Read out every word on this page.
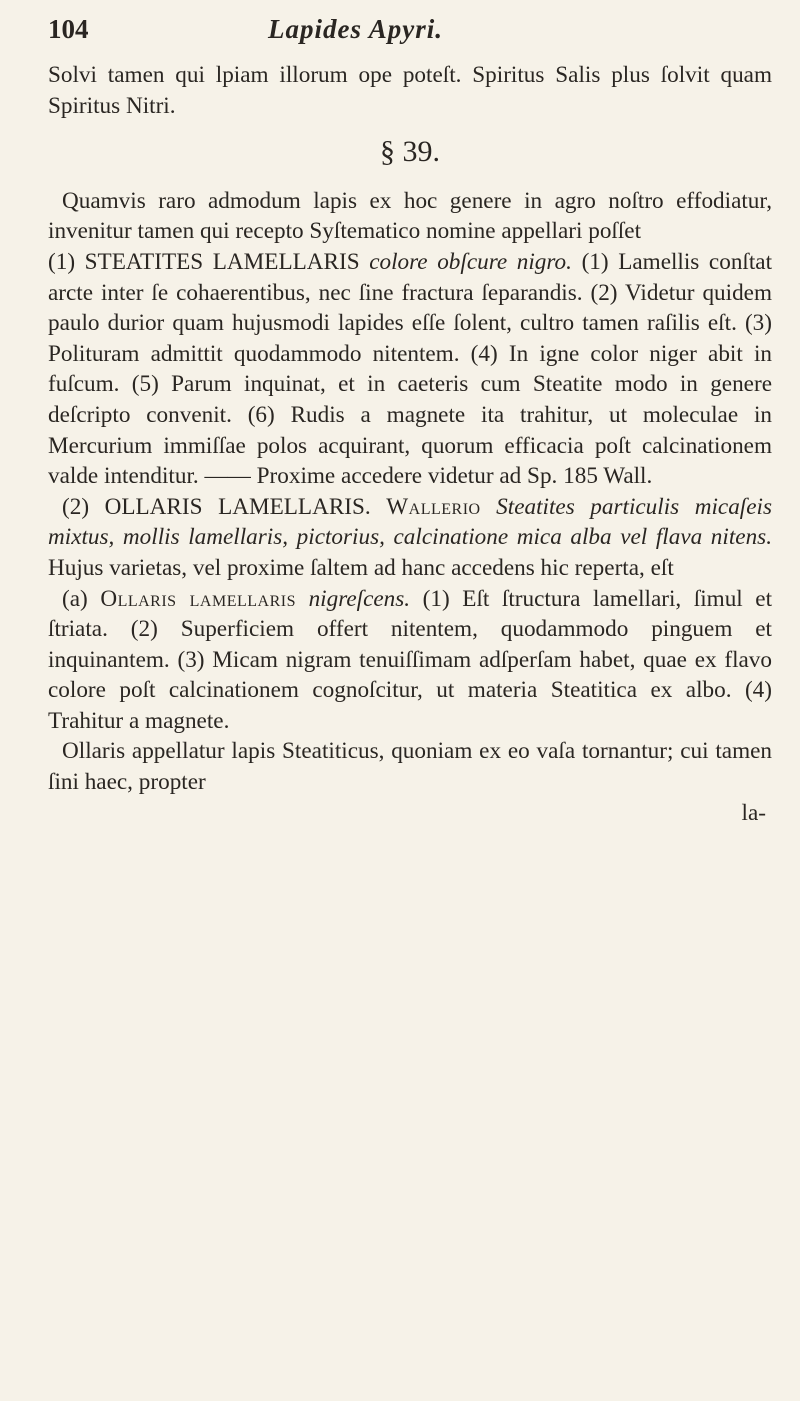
104	Lapides Apyri.

Solvi tamen qui lpiam illorum ope poteſt. Spiritus Salis plus ſolvit quam Spiritus Nitri.

§ 39.

Quamvis raro admodum lapis ex hoc genere in agro noſtro effodiatur, invenitur tamen qui recepto Syſtematico nomine appellari poſſet
(1) STEATITES LAMELLARIS colore obſcure nigro. (1) Lamellis conſtat arcte inter ſe cohaerentibus, nec ſine fractura ſeparandis. (2) Videtur quidem paulo durior quam hujusmodi lapides eſſe ſolent, cultro tamen raſilis eſt. (3) Polituram admittit quodammodo nitentem. (4) In igne color niger abit in fuſcum. (5) Parum inquinat, et in caeteris cum Steatite modo in genere deſcripto convenit. (6) Rudis a magnete ita trahitur, ut moleculae in Mercurium immiſſae polos acquirant, quorum efficacia poſt calcinationem valde intenditur. —— Proxime accedere videtur ad Sp. 185 Wall.

(2) OLLARIS LAMELLARIS. Wallerio Steatites particulis micaſeis mixtus, mollis lamellaris, pictorius, calcinatione mica alba vel flava nitens. Hujus varietas, vel proxime ſaltem ad hanc accedens hic reperta, eſt

(a) Ollaris lamellaris nigreſcens. (1) Eſt ſtructura lamellari, ſimul et ſtriata. (2) Superficiem offert nitentem, quodammodo pinguem et inquinantem. (3) Micam nigram tenuiſſimam adſperſam habet, quae ex flavo colore poſt calcinationem cognoſcitur, ut materia Steatitica ex albo. (4) Trahitur a magnete.

Ollaris appellatur lapis Steatiticus, quoniam ex eo vaſa tornantur; cui tamen ſini haec, propter

la-
